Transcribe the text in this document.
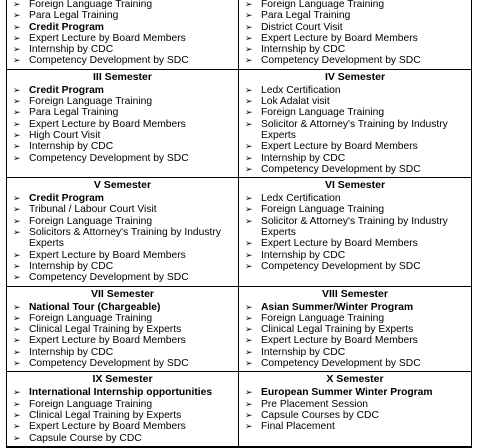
➢ Foreign Language Training
➢ Para Legal Training
➢ Credit Program
➢ Expert Lecture by Board Members
➢ Internship by CDC
➢ Competency Development by SDC
➢ Foreign Language Training
➢ Para Legal Training
➢ District Court Visit
➢ Expert Lecture by Board Members
➢ Internship by CDC
➢ Competency Development by SDC
III Semester
➢ Credit Program
➢ Foreign Language Training
➢ Para Legal Training
➢ Expert Lecture by Board Members
➢ High Court Visit
➢ Internship by CDC
➢ Competency Development by SDC
IV Semester
➢ Ledx Certification
➢ Lok Adalat visit
➢ Foreign Language Training
➢ Solicitor & Attorney's Training by Industry Experts
➢ Expert Lecture by Board Members
➢ Internship by CDC
➢ Competency Development by SDC
V Semester
➢ Credit Program
➢ Tribunal / Labour Court Visit
➢ Foreign Language Training
➢ Solicitors & Attorney's Training by Industry Experts
➢ Expert Lecture by Board Members
➢ Internship by CDC
➢ Competency Development by SDC
VI Semester
➢ Ledx Certification
➢ Foreign Language Training
➢ Solicitor & Attorney's Training by Industry Experts
➢ Expert Lecture by Board Members
➢ Internship by CDC
➢ Competency Development by SDC
VII Semester
➢ National Tour (Chargeable)
➢ Foreign Language Training
➢ Clinical Legal Training by Experts
➢ Expert Lecture by Board Members
➢ Internship by CDC
➢ Competency Development by SDC
VIII Semester
➢ Asian Summer/Winter Program
➢ Foreign Language Training
➢ Clinical Legal Training by Experts
➢ Expert Lecture by Board Members
➢ Internship by CDC
➢ Competency Development by SDC
IX Semester
➢ International Internship opportunities
➢ Foreign Language Training
➢ Clinical Legal Training by Experts
➢ Expert Lecture by Board Members
➢ Capsule Course by CDC
X Semester
➢ European Summer Winter Program
➢ Pre Placement Session
➢ Capsule Courses by CDC
➢ Final Placement
